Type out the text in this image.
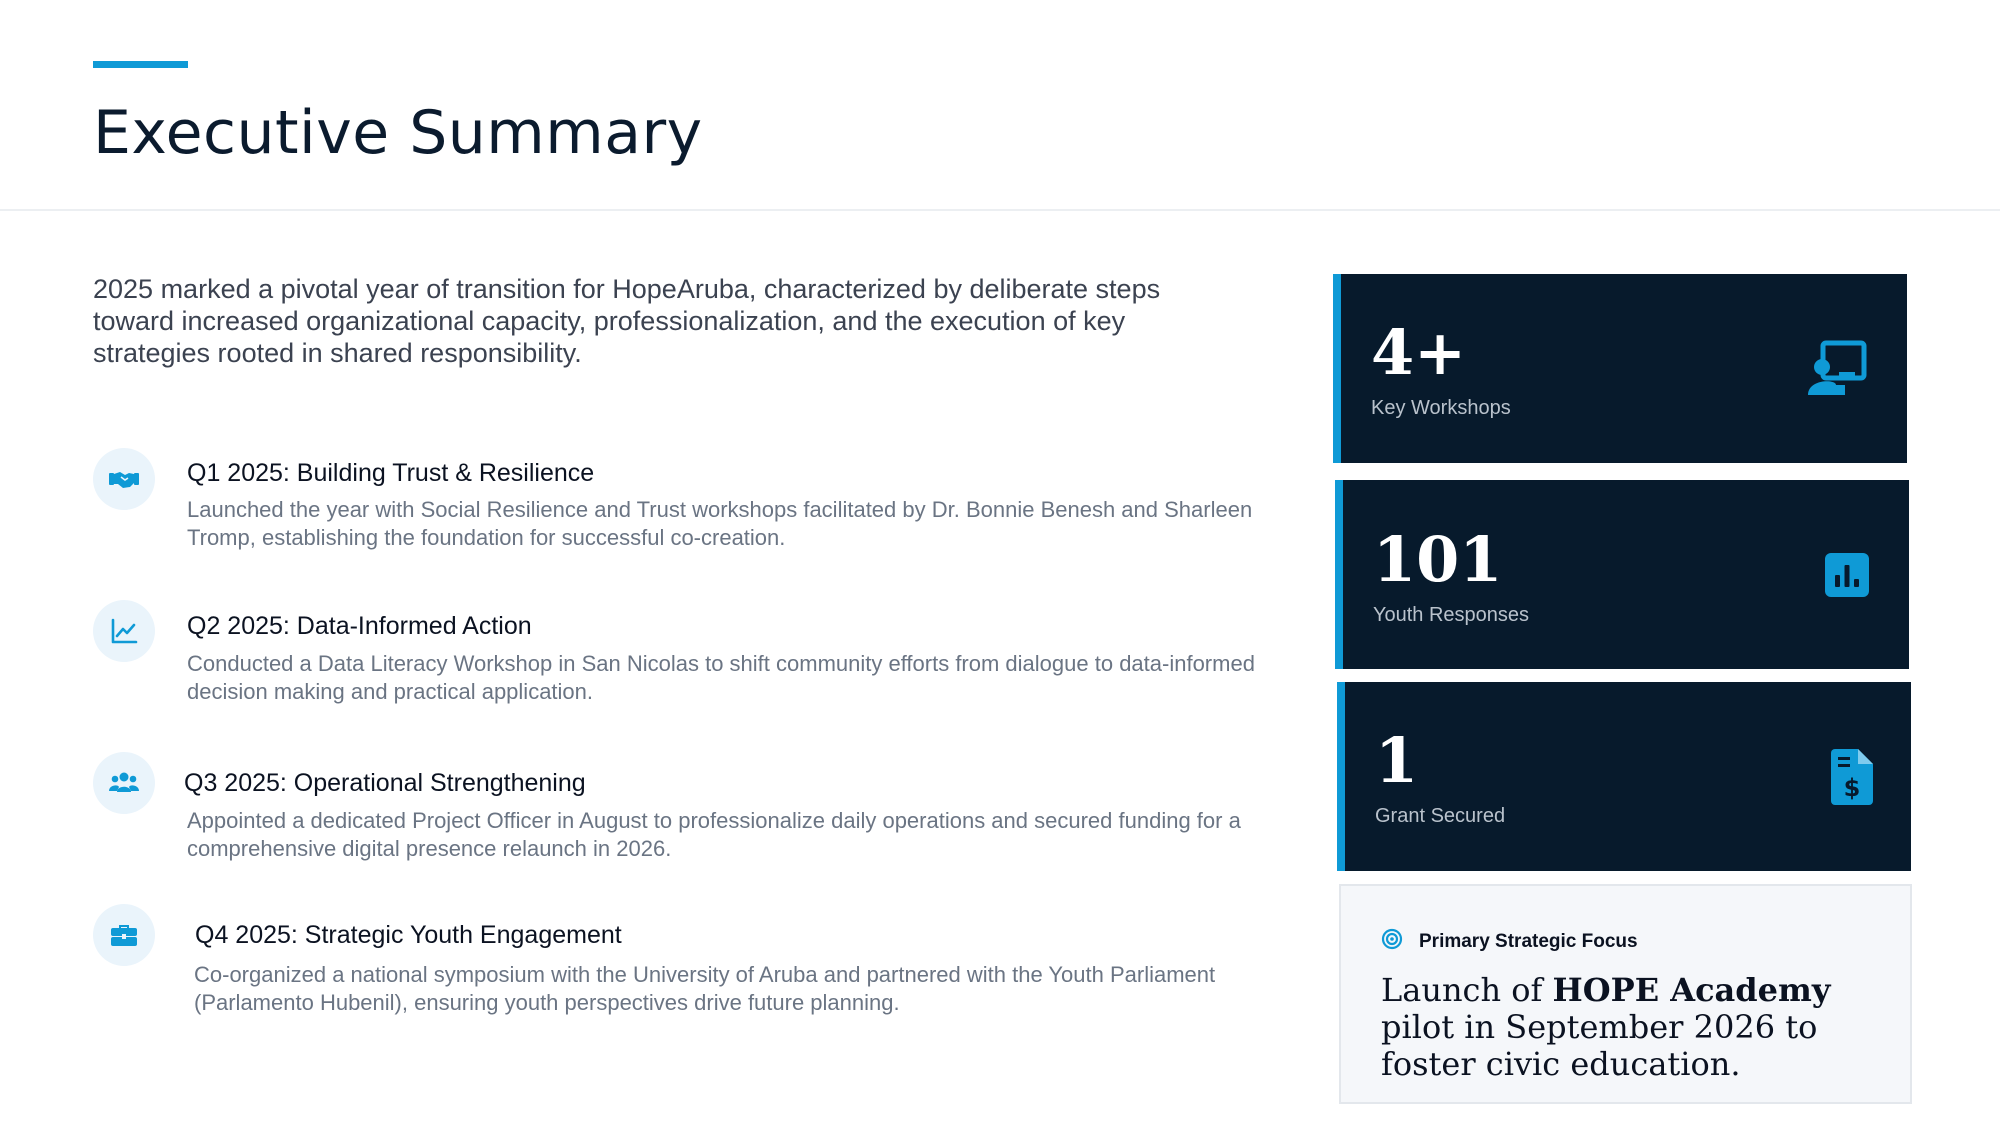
Executive Summary

2025 marked a pivotal year of transition for HopeAruba, characterized by deliberate steps toward increased organizational capacity, professionalization, and the execution of key strategies rooted in shared responsibility.

Q1 2025: Building Trust & Resilience

Launched the year with Social Resilience and Trust workshops facilitated by Dr. Bonnie Benesh and Sharleen Tromp, establishing the foundation for successful co-creation.

Q2 2025: Data-Informed Action

Conducted a Data Literacy Workshop in San Nicolas to shift community efforts from dialogue to data-informed decision making and practical application.

Q3 2025: Operational Strengthening

Appointed a dedicated Project Officer in August to professionalize daily operations and secured funding for a comprehensive digital presence relaunch in 2026.

Q4 2025: Strategic Youth Engagement

Co-organized a national symposium with the University of Aruba and partnered with the Youth Parliament (Parlamento Hubenil), ensuring youth perspectives drive future planning.

4+
Key Workshops
101
Youth Responses
1
Grant Secured
$
Primary Strategic Focus

Launch of HOPE Academy pilot in September 2026 to foster civic education.
